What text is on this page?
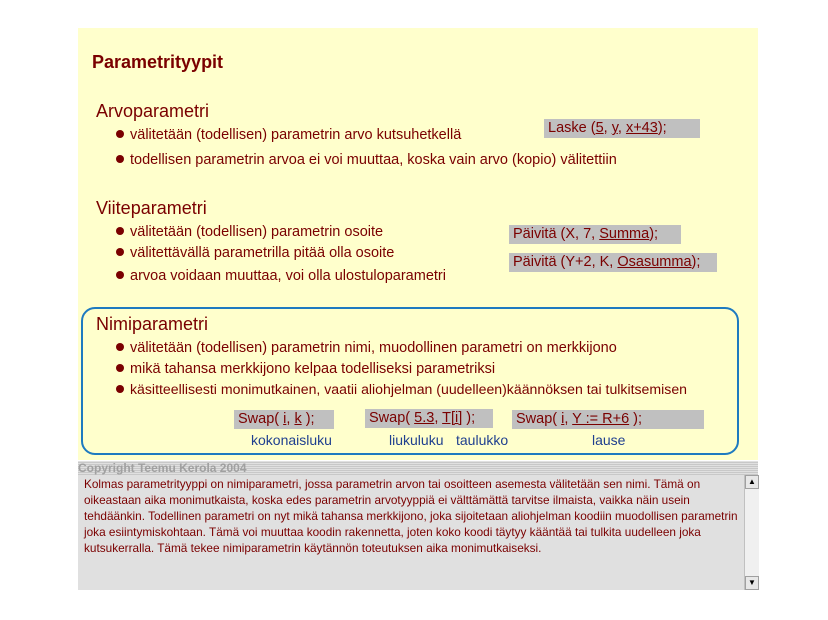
Parametrityypit
Arvoparametri
välitetään (todellisen) parametrin arvo kutsuhetkellä
todellisen parametrin arvoa ei voi muuttaa, koska vain arvo (kopio) välitettiin
Viiteparametri
välitetään (todellisen) parametrin osoite
välitettävällä parametrilla pitää olla osoite
arvoa voidaan muuttaa, voi olla ulostuloparametri
Nimiparametri
välitetään (todellisen) parametrin nimi, muodollinen parametri on merkkijono
mikä tahansa merkkijono kelpaa todelliseksi parametriksi
käsitteellisesti monimutkainen, vaatii aliohjelman (uudelleen)käännöksen tai tulkitsemisen
kokonaisluku	liukuluku taulukko	lause
Laske (5, y, x+43);
Päivitä (X, 7, Summa);
Päivitä (Y+2, K, Osasumma);
Swap( i, k );	Swap( 5.3, T[i] );	Swap( i, Y := R+6 );
Copyright Teemu Kerola 2004
Kolmas parametrityyppi on nimiparametri, jossa parametrin arvon tai osoitteen asemesta välitetään sen nimi. Tämä on oikeastaan aika monimutkaista, koska edes parametrin arvotyyppiä ei välttämättä tarvitse ilmaista, vaikka näin usein tehdäänkin. Todellinen parametri on nyt mikä tahansa merkkijono, joka sijoitetaan aliohjelman koodiin muodollisen parametrin joka esiintymiskohtaan. Tämä voi muuttaa koodin rakennetta, joten koko koodi täytyy kääntää tai tulkita uudelleen joka kutsukerralla. Tämä tekee nimiparametrin käytännön toteutuksen aika monimutkaiseksi.
▲
▼
